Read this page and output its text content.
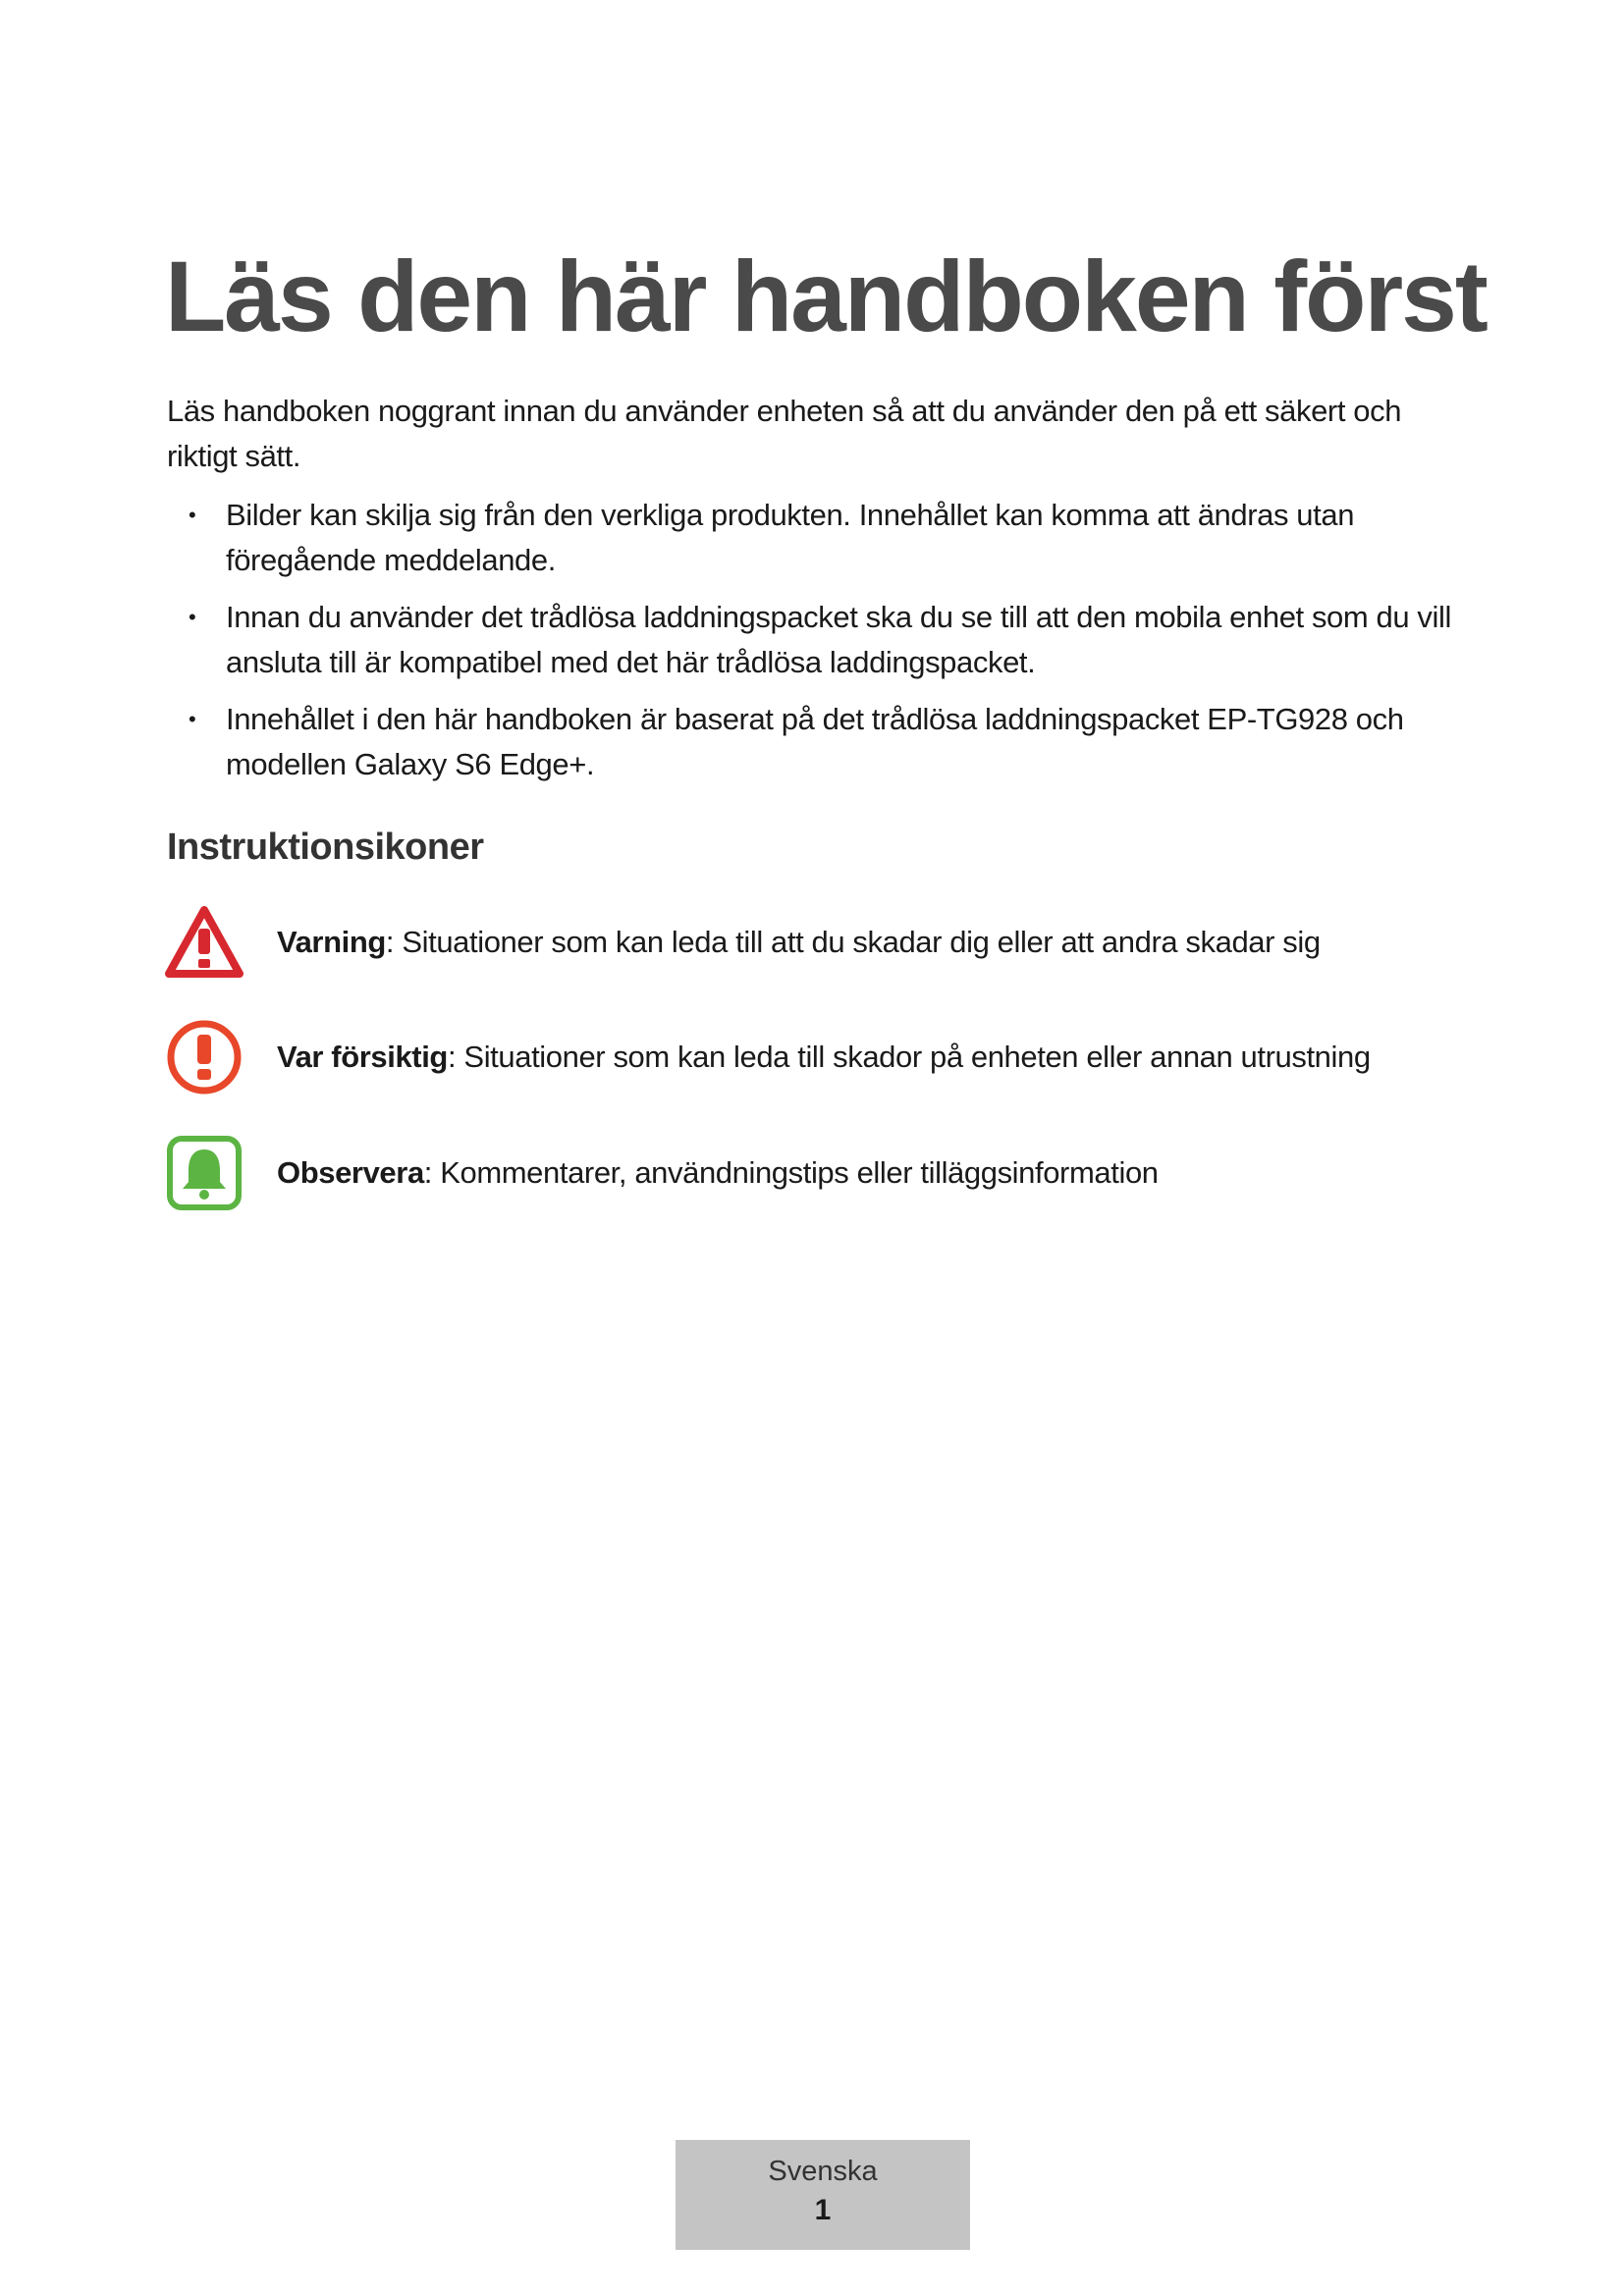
Läs den här handboken först

Läs handboken noggrant innan du använder enheten så att du använder den på ett säkert och riktigt sätt.

• Bilder kan skilja sig från den verkliga produkten. Innehållet kan komma att ändras utan föregående meddelande.
• Innan du använder det trådlösa laddningspacket ska du se till att den mobila enhet som du vill ansluta till är kompatibel med det här trådlösa laddingspacket.
• Innehållet i den här handboken är baserat på det trådlösa laddningspacket EP-TG928 och modellen Galaxy S6 Edge+.
Instruktionsikoner
Varning: Situationer som kan leda till att du skadar dig eller att andra skadar sig
Var försiktig: Situationer som kan leda till skador på enheten eller annan utrustning
Observera: Kommentarer, användningstips eller tilläggsinformation
Svenska
1
